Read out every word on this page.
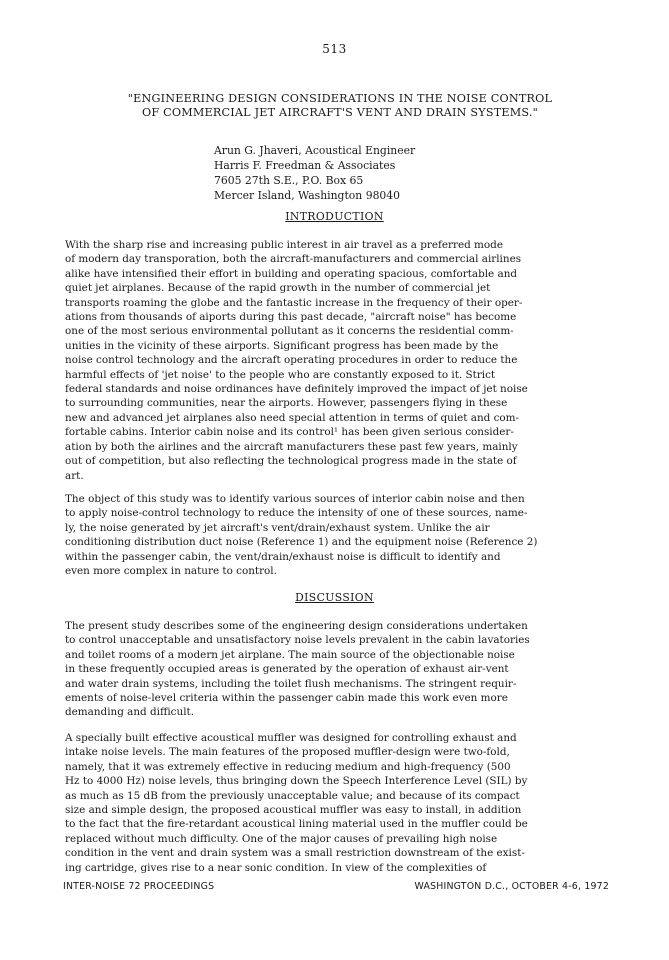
513
"ENGINEERING DESIGN CONSIDERATIONS IN THE NOISE CONTROL
OF COMMERCIAL JET AIRCRAFT'S VENT AND DRAIN SYSTEMS."
Arun G. Jhaveri, Acoustical Engineer
Harris F. Freedman & Associates
7605 27th S.E., P.O. Box 65
Mercer Island, Washington 98040
INTRODUCTION
With the sharp rise and increasing public interest in air travel as a preferred mode
of modern day transporation, both the aircraft-manufacturers and commercial airlines
alike have intensified their effort in building and operating spacious, comfortable and
quiet jet airplanes. Because of the rapid growth in the number of commercial jet
transports roaming the globe and the fantastic increase in the frequency of their oper-
ations from thousands of aiports during this past decade, "aircraft noise" has become
one of the most serious environmental pollutant as it concerns the residential comm-
unities in the vicinity of these airports. Significant progress has been made by the
noise control technology and the aircraft operating procedures in order to reduce the
harmful effects of 'jet noise' to the people who are constantly exposed to it. Strict
federal standards and noise ordinances have definitely improved the impact of jet noise
to surrounding communities, near the airports. However, passengers flying in these
new and advanced jet airplanes also need special attention in terms of quiet and com-
fortable cabins. Interior cabin noise and its control¹ has been given serious consider-
ation by both the airlines and the aircraft manufacturers these past few years, mainly
out of competition, but also reflecting the technological progress made in the state of
art.
The object of this study was to identify various sources of interior cabin noise and then
to apply noise-control technology to reduce the intensity of one of these sources, name-
ly, the noise generated by jet aircraft's vent/drain/exhaust system. Unlike the air
conditioning distribution duct noise (Reference 1) and the equipment noise (Reference 2)
within the passenger cabin, the vent/drain/exhaust noise is difficult to identify and
even more complex in nature to control.
DISCUSSION
The present study describes some of the engineering design considerations undertaken
to control unacceptable and unsatisfactory noise levels prevalent in the cabin lavatories
and toilet rooms of a modern jet airplane. The main source of the objectionable noise
in these frequently occupied areas is generated by the operation of exhaust air-vent
and water drain systems, including the toilet flush mechanisms. The stringent requir-
ements of noise-level criteria within the passenger cabin made this work even more
demanding and difficult.
A specially built effective acoustical muffler was designed for controlling exhaust and
intake noise levels. The main features of the proposed muffler-design were two-fold,
namely, that it was extremely effective in reducing medium and high-frequency (500
Hz to 4000 Hz) noise levels, thus bringing down the Speech Interference Level (SIL) by
as much as 15 dB from the previously unacceptable value; and because of its compact
size and simple design, the proposed acoustical muffler was easy to install, in addition
to the fact that the fire-retardant acoustical lining material used in the muffler could be
replaced without much difficulty. One of the major causes of prevailing high noise
condition in the vent and drain system was a small restriction downstream of the exist-
ing cartridge, gives rise to a near sonic condition. In view of the complexities of
INTER-NOISE 72 PROCEEDINGS	WASHINGTON D.C., OCTOBER 4-6, 1972
